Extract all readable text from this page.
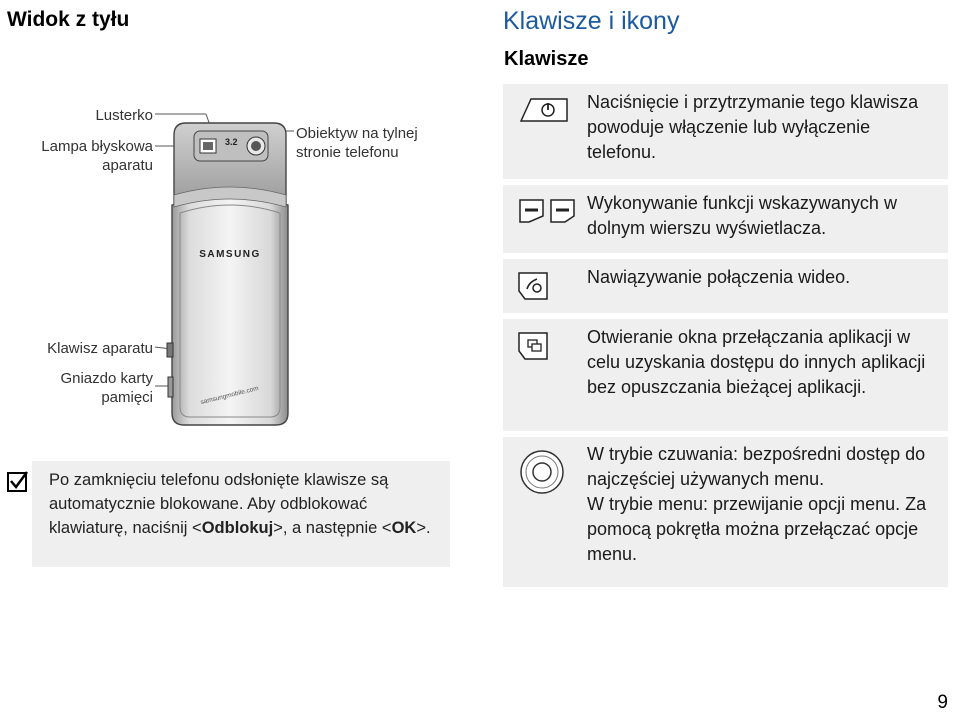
Widok z tyłu
Lusterko
Lampa błyskowa
aparatu
Obiektyw na tylnej
stronie telefonu
Klawisz aparatu
Gniazdo karty
pamięci
3.2
SAMSUNG
samsungmobile.com
Po zamknięciu telefonu odsłonięte klawisze są automatycznie blokowane. Aby odblokować klawiaturę, naciśnij <Odblokuj>, a następnie <OK>.
Klawisze i ikony
Klawisze
Naciśnięcie i przytrzymanie tego klawisza powoduje włączenie lub wyłączenie telefonu.
Wykonywanie funkcji wskazywanych w dolnym wierszu wyświetlacza.
Nawiązywanie połączenia wideo.
Otwieranie okna przełączania aplikacji w celu uzyskania dostępu do innych aplikacji bez opuszczania bieżącej aplikacji.
W trybie czuwania: bezpośredni dostęp do najczęściej używanych menu.
W trybie menu: przewijanie opcji menu. Za pomocą pokrętła można przełączać opcje menu.
9
